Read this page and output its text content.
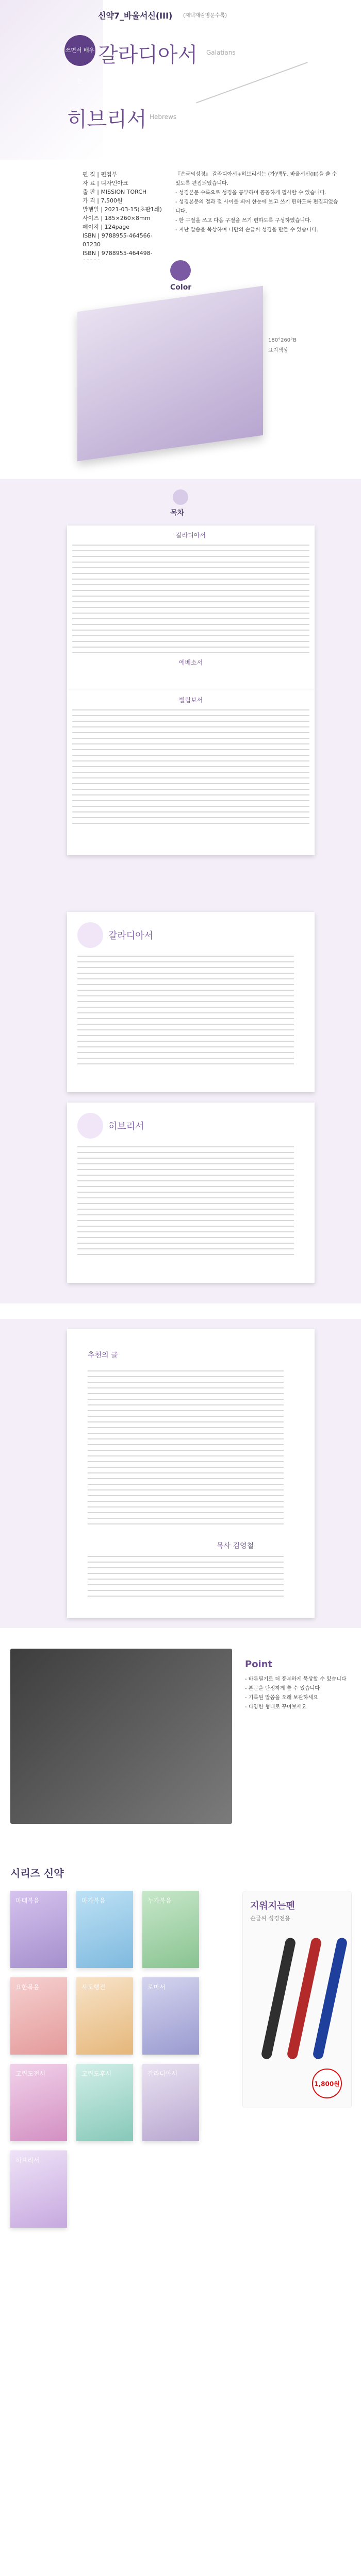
신약7_바울서신(III) (재택재림명문수록)
쓰면서 배우는
갈라디아서 Galatians
히브리서 Hebrews
편 집 | 편집부
자 료 | 디자인아크
출 판 | MISSION TORCH
가 격 | 7,500원
발행일 | 2021-03-15(초판1쇄)
사이즈 | 185×260×8mm
페이지 | 124page
ISBN | 9788955-464566-03230
ISBN | 9788955-464498-
『손글씨성경』 갈라디아서+히브리서는 (가)백두, 바울서신(III)을 쓸 수 있도록 편집되었습니다.
- 성경본문 수록으로 성경을 공부하며 꼼꼼하게 필사할 수 있습니다.
- 성경본문의 절과 절 사이를 띄어 한눈에 보고 쓰기 편하도록 편집되었습니다.
- 한 구절을 쓰고 다음 구절을 쓰기 편하도록 구성하였습니다.
- 지난 말씀을 묵상하며 나만의 손글씨 성경을 만들 수 있습니다.
Color
180°260°B
표지색상
목차
갈라디아서
에베소서
빌립보서
갈라디아서
히브리서
추천의 글
목사 김영철
Point
- 바른필기로 더 풍부하게 묵상할 수 있습니다
- 본문을 단정하게 쓸 수 있습니다
- 기록된 말씀을 오래 보관하세요
- 다양한 형태로 꾸며보세요
시리즈 신약
마태복음	마가복음	누가복음
요한복음	사도행전	로마서
고린도전서	고린도후서	갈라디아서
히브리서
지워지는펜
손글씨 성경전용
1,800원
